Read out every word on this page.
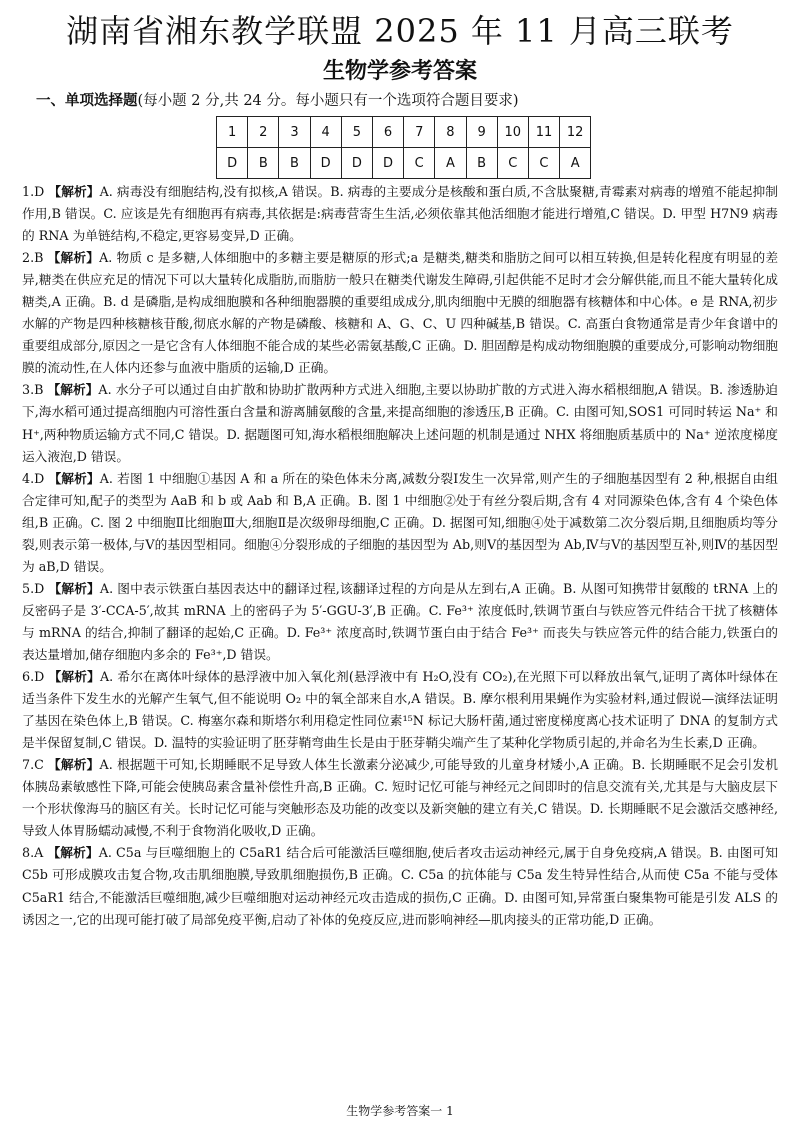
湖南省湘东教学联盟 2025 年 11 月高三联考
生物学参考答案
一、单项选择题(每小题 2 分,共 24 分。每小题只有一个选项符合题目要求)
1	2	3	4	5	6	7	8	9	10	11	12
D	B	B	D	D	D	C	A	B	C	C	A

1.D 【解析】A. 病毒没有细胞结构,没有拟核,A 错误。B. 病毒的主要成分是核酸和蛋白质,不含肽聚糖,青霉素对病毒的增殖不能起抑制作用,B 错误。C. 应该是先有细胞再有病毒,其依据是:病毒营寄生生活,必须依靠其他活细胞才能进行增殖,C 错误。D. 甲型 H7N9 病毒的 RNA 为单链结构,不稳定,更容易变异,D 正确。

2.B 【解析】A. 物质 c 是多糖,人体细胞中的多糖主要是糖原的形式;a 是糖类,糖类和脂肪之间可以相互转换,但是转化程度有明显的差异,糖类在供应充足的情况下可以大量转化成脂肪,而脂肪一般只在糖类代谢发生障碍,引起供能不足时才会分解供能,而且不能大量转化成糖类,A 正确。B. d 是磷脂,是构成细胞膜和各种细胞器膜的重要组成成分,肌肉细胞中无膜的细胞器有核糖体和中心体。e 是 RNA,初步水解的产物是四种核糖核苷酸,彻底水解的产物是磷酸、核糖和 A、G、C、U 四种碱基,B 错误。C. 高蛋白食物通常是青少年食谱中的重要组成部分,原因之一是它含有人体细胞不能合成的某些必需氨基酸,C 正确。D. 胆固醇是构成动物细胞膜的重要成分,可影响动物细胞膜的流动性,在人体内还参与血液中脂质的运输,D 正确。

3.B 【解析】A. 水分子可以通过自由扩散和协助扩散两种方式进入细胞,主要以协助扩散的方式进入海水稻根细胞,A 错误。B. 渗透胁迫下,海水稻可通过提高细胞内可溶性蛋白含量和游离脯氨酸的含量,来提高细胞的渗透压,B 正确。C. 由图可知,SOS1 可同时转运 Na⁺ 和 H⁺,两种物质运输方式不同,C 错误。D. 据题图可知,海水稻根细胞解决上述问题的机制是通过 NHX 将细胞质基质中的 Na⁺ 逆浓度梯度运入液泡,D 错误。

4.D 【解析】A. 若图 1 中细胞①基因 A 和 a 所在的染色体未分离,减数分裂Ⅰ发生一次异常,则产生的子细胞基因型有 2 种,根据自由组合定律可知,配子的类型为 AaB 和 b 或 Aab 和 B,A 正确。B. 图 1 中细胞②处于有丝分裂后期,含有 4 对同源染色体,含有 4 个染色体组,B 正确。C. 图 2 中细胞Ⅱ比细胞Ⅲ大,细胞Ⅱ是次级卵母细胞,C 正确。D. 据图可知,细胞④处于减数第二次分裂后期,且细胞质均等分裂,则表示第一极体,与Ⅴ的基因型相同。细胞④分裂形成的子细胞的基因型为 Ab,则Ⅴ的基因型为 Ab,Ⅳ与Ⅴ的基因型互补,则Ⅳ的基因型为 aB,D 错误。

5.D 【解析】A. 图中表示铁蛋白基因表达中的翻译过程,该翻译过程的方向是从左到右,A 正确。B. 从图可知携带甘氨酸的 tRNA 上的反密码子是 3′-CCA-5′,故其 mRNA 上的密码子为 5′-GGU-3′,B 正确。C. Fe³⁺ 浓度低时,铁调节蛋白与铁应答元件结合干扰了核糖体与 mRNA 的结合,抑制了翻译的起始,C 正确。D. Fe³⁺ 浓度高时,铁调节蛋白由于结合 Fe³⁺ 而丧失与铁应答元件的结合能力,铁蛋白的表达量增加,储存细胞内多余的 Fe³⁺,D 错误。

6.D 【解析】A. 希尔在离体叶绿体的悬浮液中加入氧化剂(悬浮液中有 H₂O,没有 CO₂),在光照下可以释放出氧气,证明了离体叶绿体在适当条件下发生水的光解产生氧气,但不能说明 O₂ 中的氧全部来自水,A 错误。B. 摩尔根利用果蝇作为实验材料,通过假说—演绎法证明了基因在染色体上,B 错误。C. 梅塞尔森和斯塔尔利用稳定性同位素¹⁵N 标记大肠杆菌,通过密度梯度离心技术证明了 DNA 的复制方式是半保留复制,C 错误。D. 温特的实验证明了胚芽鞘弯曲生长是由于胚芽鞘尖端产生了某种化学物质引起的,并命名为生长素,D 正确。

7.C 【解析】A. 根据题干可知,长期睡眠不足导致人体生长激素分泌减少,可能导致的儿童身材矮小,A 正确。B. 长期睡眠不足会引发机体胰岛素敏感性下降,可能会使胰岛素含量补偿性升高,B 正确。C. 短时记忆可能与神经元之间即时的信息交流有关,尤其是与大脑皮层下一个形状像海马的脑区有关。长时记忆可能与突触形态及功能的改变以及新突触的建立有关,C 错误。D. 长期睡眠不足会激活交感神经,导致人体胃肠蠕动减慢,不利于食物消化吸收,D 正确。

8.A 【解析】A. C5a 与巨噬细胞上的 C5aR1 结合后可能激活巨噬细胞,使后者攻击运动神经元,属于自身免疫病,A 错误。B. 由图可知 C5b 可形成膜攻击复合物,攻击肌细胞膜,导致肌细胞损伤,B 正确。C. C5a 的抗体能与 C5a 发生特异性结合,从而使 C5a 不能与受体 C5aR1 结合,不能激活巨噬细胞,减少巨噬细胞对运动神经元攻击造成的损伤,C 正确。D. 由图可知,异常蛋白聚集物可能是引发 ALS 的诱因之一,它的出现可能打破了局部免疫平衡,启动了补体的免疫反应,进而影响神经—肌肉接头的正常功能,D 正确。

生物学参考答案一 1
